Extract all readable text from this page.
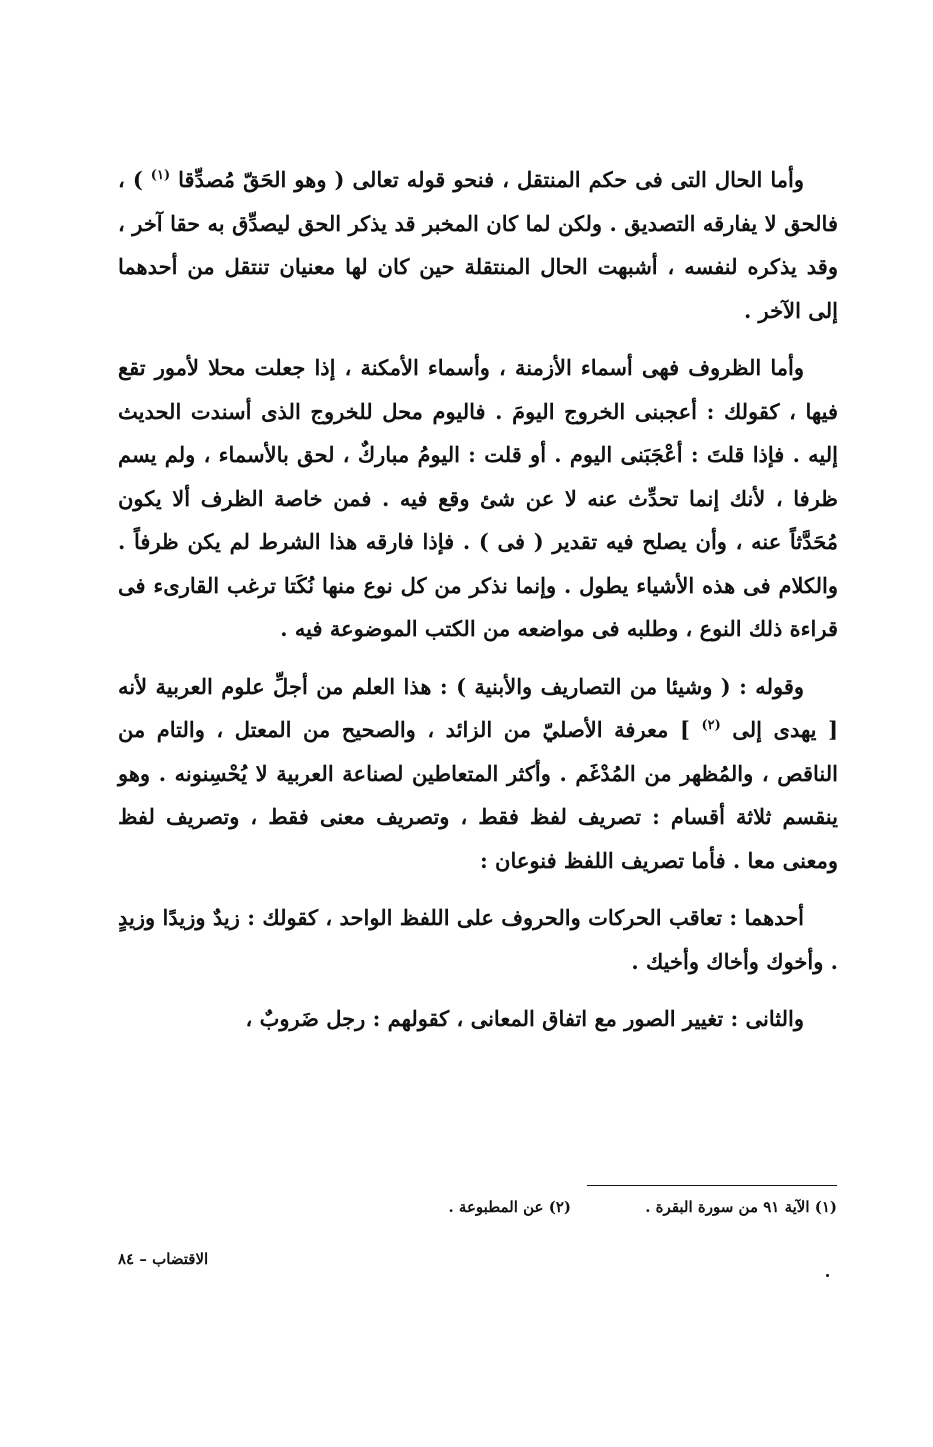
وأما الحال التى فى حكم المنتقل ، فنحو قوله تعالى ( وهو الحَقّ مُصدِّقا $^{(١)}$ ) ، فالحق لا يفارقه التصديق . ولكن لما كان المخبر قد يذكر الحق ليصدِّق به حقا آخر ، وقد يذكره لنفسه ، أشبهت الحال المنتقلة حين كان لها معنيان تنتقل من أحدهما إلى الآخر .

وأما الظروف فهى أسماء الأزمنة ، وأسماء الأمكنة ، إذا جعلت محلا لأمور تقع فيها ، كقولك : أعجبنى الخروج اليومَ . فاليوم محل للخروج الذى أسندت الحديث إليه . فإذا قلتَ : أعْجَبَنى اليوم . أو قلت : اليومُ مباركٌ ، لحق بالأسماء ، ولم يسم ظرفا ، لأنك إنما تحدِّث عنه لا عن شئ وقع فيه . فمن خاصة الظرف ألا يكون مُحَدَّثاً عنه ، وأن يصلح فيه تقدير ( فى ) . فإذا فارقه هذا الشرط لم يكن ظرفاً . والكلام فى هذه الأشياء يطول . وإنما نذكر من كل نوع منها نُكَتا ترغب القارىء فى قراءة ذلك النوع ، وطلبه فى مواضعه من الكتب الموضوعة فيه .

وقوله : ( وشيئا من التصاريف والأبنية ) : هذا العلم من أجلِّ علوم العربية لأنه [ يهدى إلى $^{(٢)}$ ] معرفة الأصليّ من الزائد ، والصحيح من المعتل ، والتام من الناقص ، والمُظهر من المُدْغَم . وأكثر المتعاطين لصناعة العربية لا يُحْسِنونه . وهو ينقسم ثلاثة أقسام : تصريف لفظ فقط ، وتصريف معنى فقط ، وتصريف لفظ ومعنى معا . فأما تصريف اللفظ فنوعان :

أحدهما : تعاقب الحركات والحروف على اللفظ الواحد ، كقولك : زيدٌ وزيدًا وزيدٍ . وأخوك وأخاك وأخيك .

والثانى : تغيير الصور مع اتفاق المعانى ، كقولهم : رجل ضَروبٌ ،

(١) الآية ٩١ من سورة البقرة .
(٢) عن المطبوعة .
الاقتضاب – ٨٤
